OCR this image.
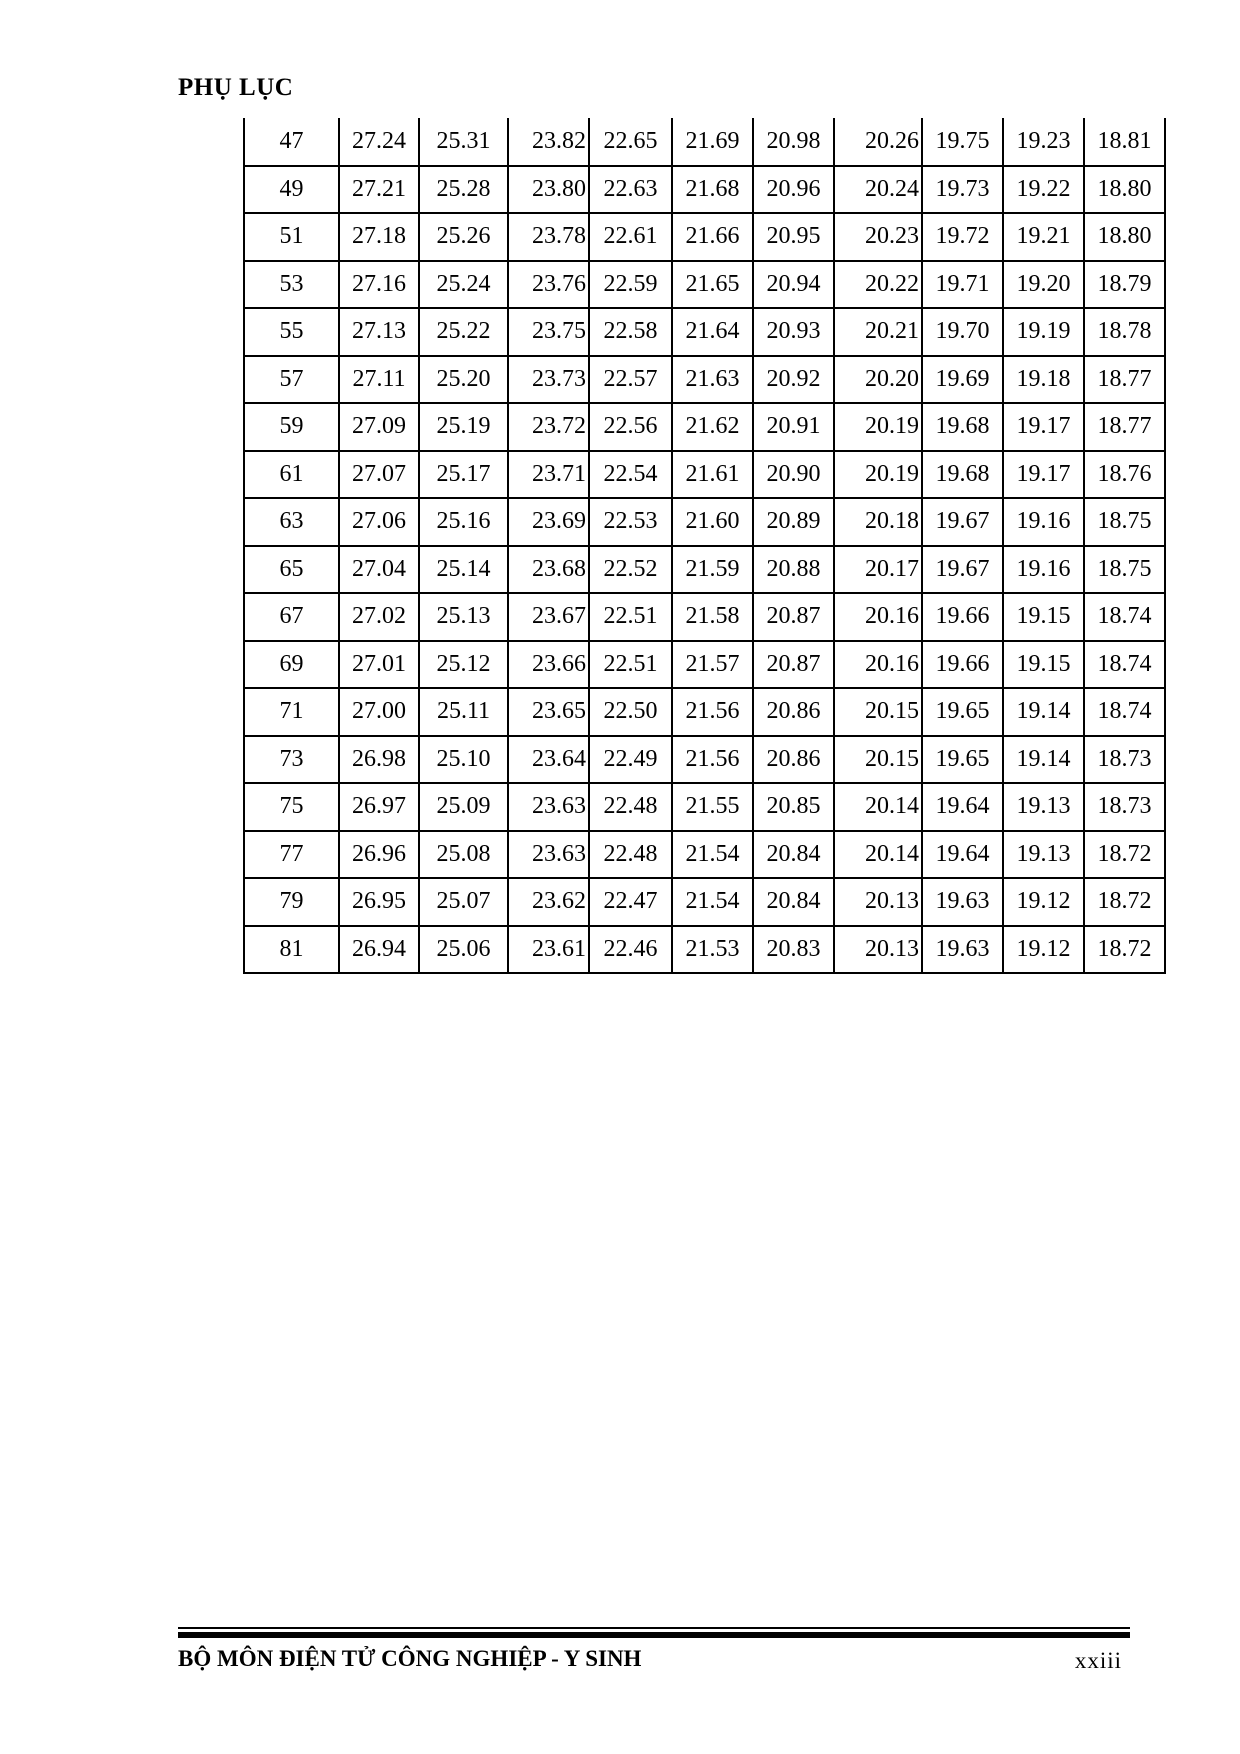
PHỤ LỤC
47	27.24	25.31	23.82	22.65	21.69	20.98	20.26	19.75	19.23	18.81
49	27.21	25.28	23.80	22.63	21.68	20.96	20.24	19.73	19.22	18.80
51	27.18	25.26	23.78	22.61	21.66	20.95	20.23	19.72	19.21	18.80
53	27.16	25.24	23.76	22.59	21.65	20.94	20.22	19.71	19.20	18.79
55	27.13	25.22	23.75	22.58	21.64	20.93	20.21	19.70	19.19	18.78
57	27.11	25.20	23.73	22.57	21.63	20.92	20.20	19.69	19.18	18.77
59	27.09	25.19	23.72	22.56	21.62	20.91	20.19	19.68	19.17	18.77
61	27.07	25.17	23.71	22.54	21.61	20.90	20.19	19.68	19.17	18.76
63	27.06	25.16	23.69	22.53	21.60	20.89	20.18	19.67	19.16	18.75
65	27.04	25.14	23.68	22.52	21.59	20.88	20.17	19.67	19.16	18.75
67	27.02	25.13	23.67	22.51	21.58	20.87	20.16	19.66	19.15	18.74
69	27.01	25.12	23.66	22.51	21.57	20.87	20.16	19.66	19.15	18.74
71	27.00	25.11	23.65	22.50	21.56	20.86	20.15	19.65	19.14	18.74
73	26.98	25.10	23.64	22.49	21.56	20.86	20.15	19.65	19.14	18.73
75	26.97	25.09	23.63	22.48	21.55	20.85	20.14	19.64	19.13	18.73
77	26.96	25.08	23.63	22.48	21.54	20.84	20.14	19.64	19.13	18.72
79	26.95	25.07	23.62	22.47	21.54	20.84	20.13	19.63	19.12	18.72
81	26.94	25.06	23.61	22.46	21.53	20.83	20.13	19.63	19.12	18.72
BỘ MÔN ĐIỆN TỬ CÔNG NGHIỆP - Y SINH	xxiii
